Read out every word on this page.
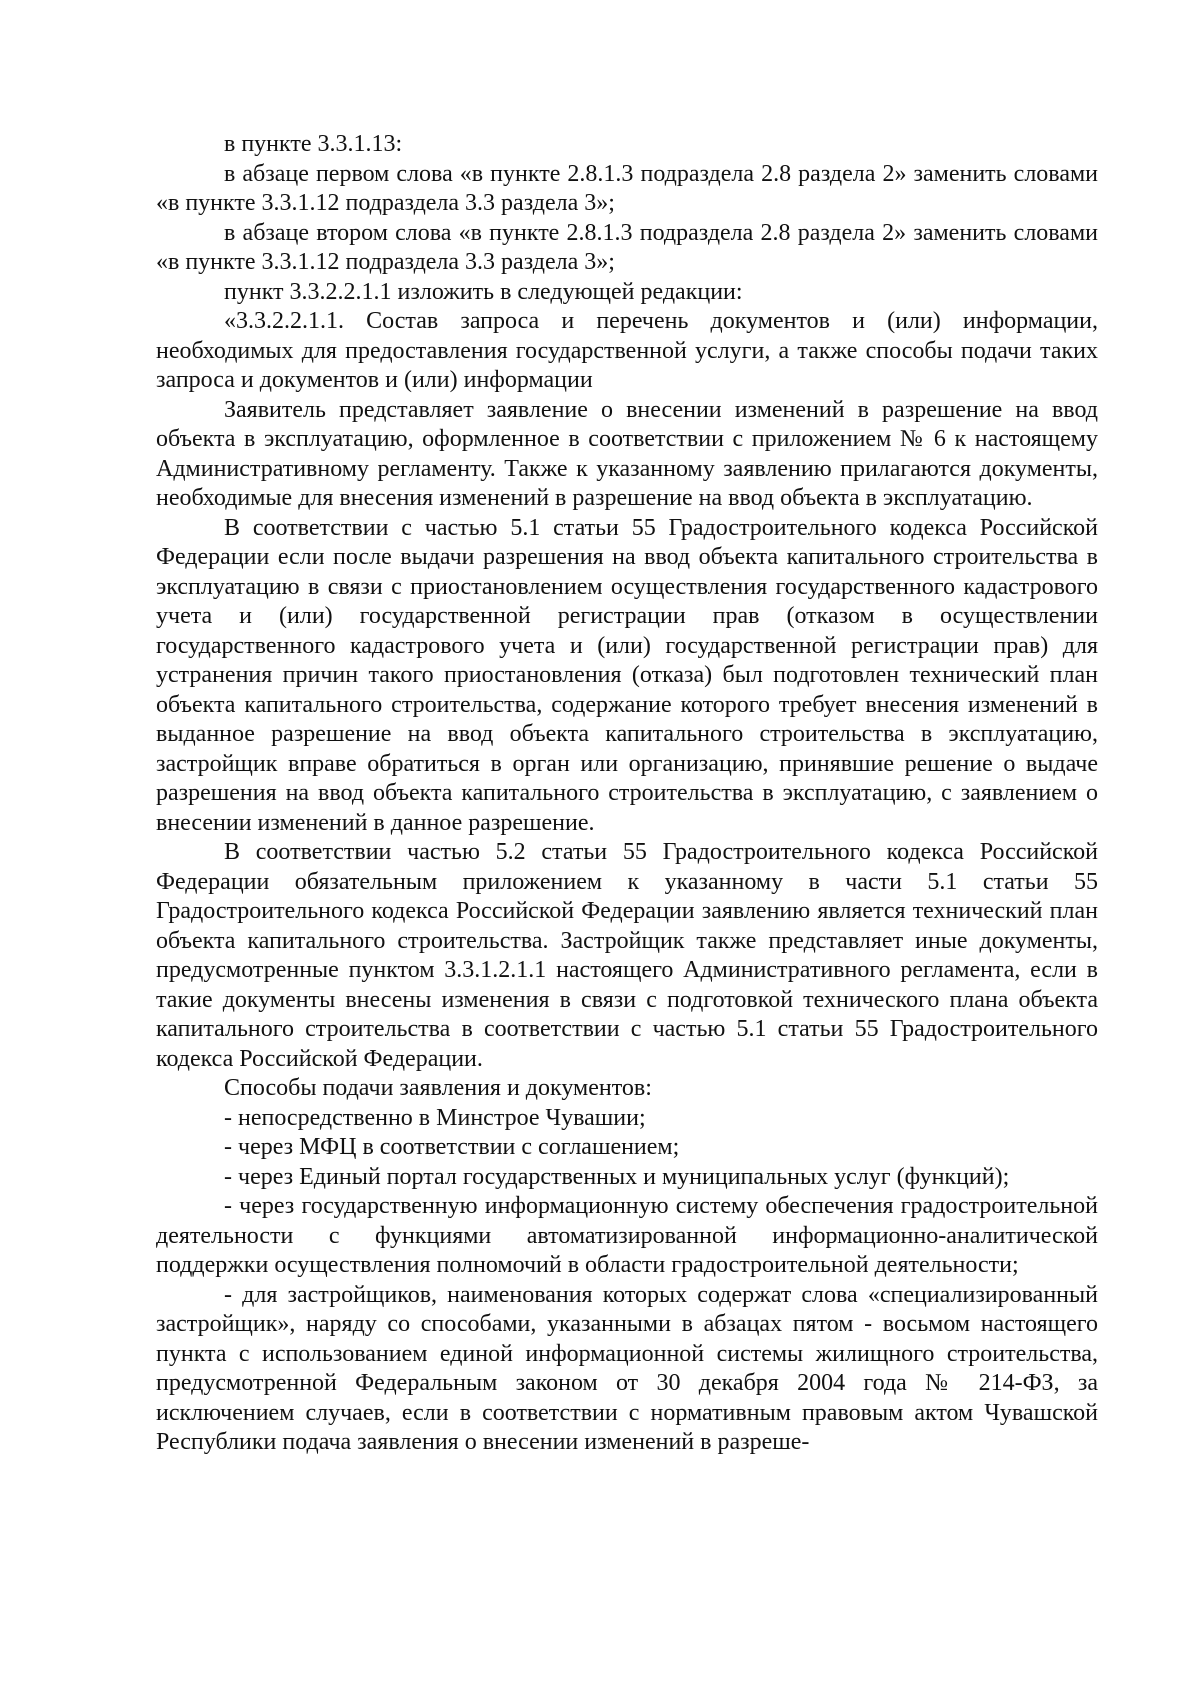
в пункте 3.3.1.13:

в абзаце первом слова «в пункте 2.8.1.3 подраздела 2.8 раздела 2» заменить словами «в пункте 3.3.1.12 подраздела 3.3 раздела 3»;

в абзаце втором слова «в пункте 2.8.1.3 подраздела 2.8 раздела 2» заменить словами «в пункте 3.3.1.12 подраздела 3.3 раздела 3»;

пункт 3.3.2.2.1.1 изложить в следующей редакции:

«3.3.2.2.1.1. Состав запроса и перечень документов и (или) информации, необходимых для предоставления государственной услуги, а также способы подачи таких запроса и документов и (или) информации

Заявитель представляет заявление о внесении изменений в разрешение на ввод объекта в эксплуатацию, оформленное в соответствии с приложением № 6 к настоящему Административному регламенту. Также к указанному заявлению прилагаются документы, необходимые для внесения изменений в разрешение на ввод объекта в эксплуатацию.

В соответствии с частью 5.1 статьи 55 Градостроительного кодекса Российской Федерации если после выдачи разрешения на ввод объекта капитального строительства в эксплуатацию в связи с приостановлением осуществления государственного кадастрового учета и (или) государственной регистрации прав (отказом в осуществлении государственного кадастрового учета и (или) государственной регистрации прав) для устранения причин такого приостановления (отказа) был подготовлен технический план объекта капитального строительства, содержание которого требует внесения изменений в выданное разрешение на ввод объекта капитального строительства в эксплуатацию, застройщик вправе обратиться в орган или организацию, принявшие решение о выдаче разрешения на ввод объекта капитального строительства в эксплуатацию, с заявлением о внесении изменений в данное разрешение.

В соответствии частью 5.2 статьи 55 Градостроительного кодекса Российской Федерации обязательным приложением к указанному в части 5.1 статьи 55 Градостроительного кодекса Российской Федерации заявлению является технический план объекта капитального строительства. Застройщик также представляет иные документы, предусмотренные пунктом 3.3.1.2.1.1 настоящего Административного регламента, если в такие документы внесены изменения в связи с подготовкой технического плана объекта капитального строительства в соответствии с частью 5.1 статьи 55 Градостроительного кодекса Российской Федерации.

Способы подачи заявления и документов:

- непосредственно в Минстрое Чувашии;

- через МФЦ в соответствии с соглашением;

- через Единый портал государственных и муниципальных услуг (функций);

- через государственную информационную систему обеспечения градостроительной деятельности с функциями автоматизированной информационно-аналитической поддержки осуществления полномочий в области градостроительной деятельности;

- для застройщиков, наименования которых содержат слова «специализированный застройщик», наряду со способами, указанными в абзацах пятом - восьмом настоящего пункта с использованием единой информационной системы жилищного строительства, предусмотренной Федеральным законом от 30 декабря 2004 года № 214-ФЗ, за исключением случаев, если в соответствии с нормативным правовым актом Чувашской Республики подача заявления о внесении изменений в разреше-
